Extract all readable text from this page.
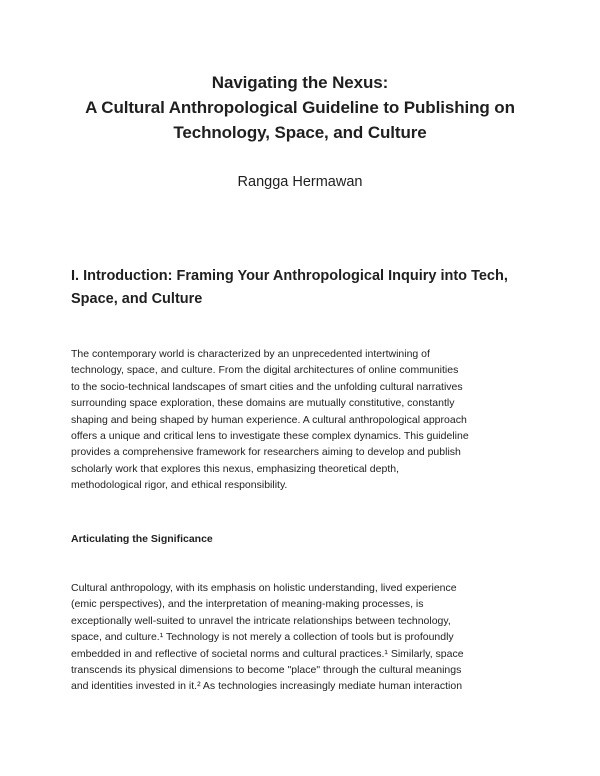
Navigating the Nexus:
A Cultural Anthropological Guideline to Publishing on
Technology, Space, and Culture
Rangga Hermawan
I. Introduction: Framing Your Anthropological Inquiry into Tech,
Space, and Culture
The contemporary world is characterized by an unprecedented intertwining of
technology, space, and culture. From the digital architectures of online communities
to the socio-technical landscapes of smart cities and the unfolding cultural narratives
surrounding space exploration, these domains are mutually constitutive, constantly
shaping and being shaped by human experience. A cultural anthropological approach
offers a unique and critical lens to investigate these complex dynamics. This guideline
provides a comprehensive framework for researchers aiming to develop and publish
scholarly work that explores this nexus, emphasizing theoretical depth,
methodological rigor, and ethical responsibility.
Articulating the Significance
Cultural anthropology, with its emphasis on holistic understanding, lived experience
(emic perspectives), and the interpretation of meaning-making processes, is
exceptionally well-suited to unravel the intricate relationships between technology,
space, and culture.¹ Technology is not merely a collection of tools but is profoundly
embedded in and reflective of societal norms and cultural practices.¹ Similarly, space
transcends its physical dimensions to become "place" through the cultural meanings
and identities invested in it.² As technologies increasingly mediate human interaction
